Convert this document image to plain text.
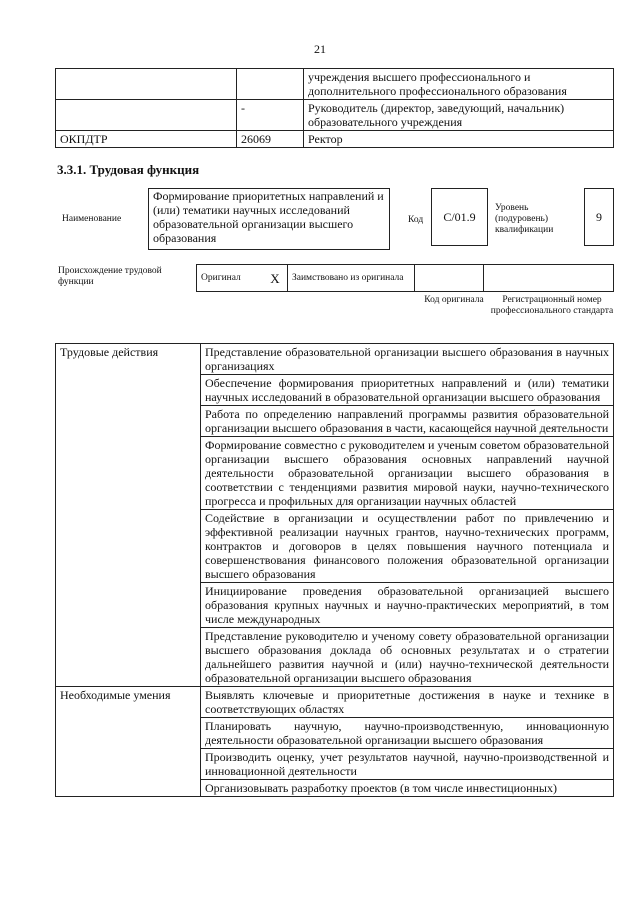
21
		учреждения высшего профессионального и дополнительного профессионального образования
	-	Руководитель (директор, заведующий, начальник) образовательного учреждения
ОКПДТР	26069	Ректор
3.3.1. Трудовая функция
Наименование
Формирование приоритетных направлений и (или) тематики научных исследований образовательной организации высшего образования
Код	C/01.9
Уровень (подуровень) квалификации
9
Происхождение трудовой функции	Оригинал	X	Заимствовано из оригинала		
Код оригинала	Регистрационный номер профессионального стандарта
Трудовые действия	Представление образовательной организации высшего образования в научных организациях
	Обеспечение формирования приоритетных направлений и (или) тематики научных исследований в образовательной организации высшего образования
	Работа по определению направлений программы развития образовательной организации высшего образования в части, касающейся научной деятельности
	Формирование совместно с руководителем и ученым советом образовательной организации высшего образования основных направлений научной деятельности образовательной организации высшего образования в соответствии с тенденциями развития мировой науки, научно-технического прогресса и профильных для организации научных областей
	Содействие в организации и осуществлении работ по привлечению и эффективной реализации научных грантов, научно-технических программ, контрактов и договоров в целях повышения научного потенциала и совершенствования финансового положения образовательной организации высшего образования
	Инициирование проведения образовательной организацией высшего образования крупных научных и научно-практических мероприятий, в том числе международных
	Представление руководителю и ученому совету образовательной организации высшего образования доклада об основных результатах и о стратегии дальнейшего развития научной и (или) научно-технической деятельности образовательной организации высшего образования
Необходимые умения	Выявлять ключевые и приоритетные достижения в науке и технике в соответствующих областях
	Планировать научную, научно-производственную, инновационную деятельности образовательной организации высшего образования
	Производить оценку, учет результатов научной, научно-производственной и инновационной деятельности
	Организовывать разработку проектов (в том числе инвестиционных)
